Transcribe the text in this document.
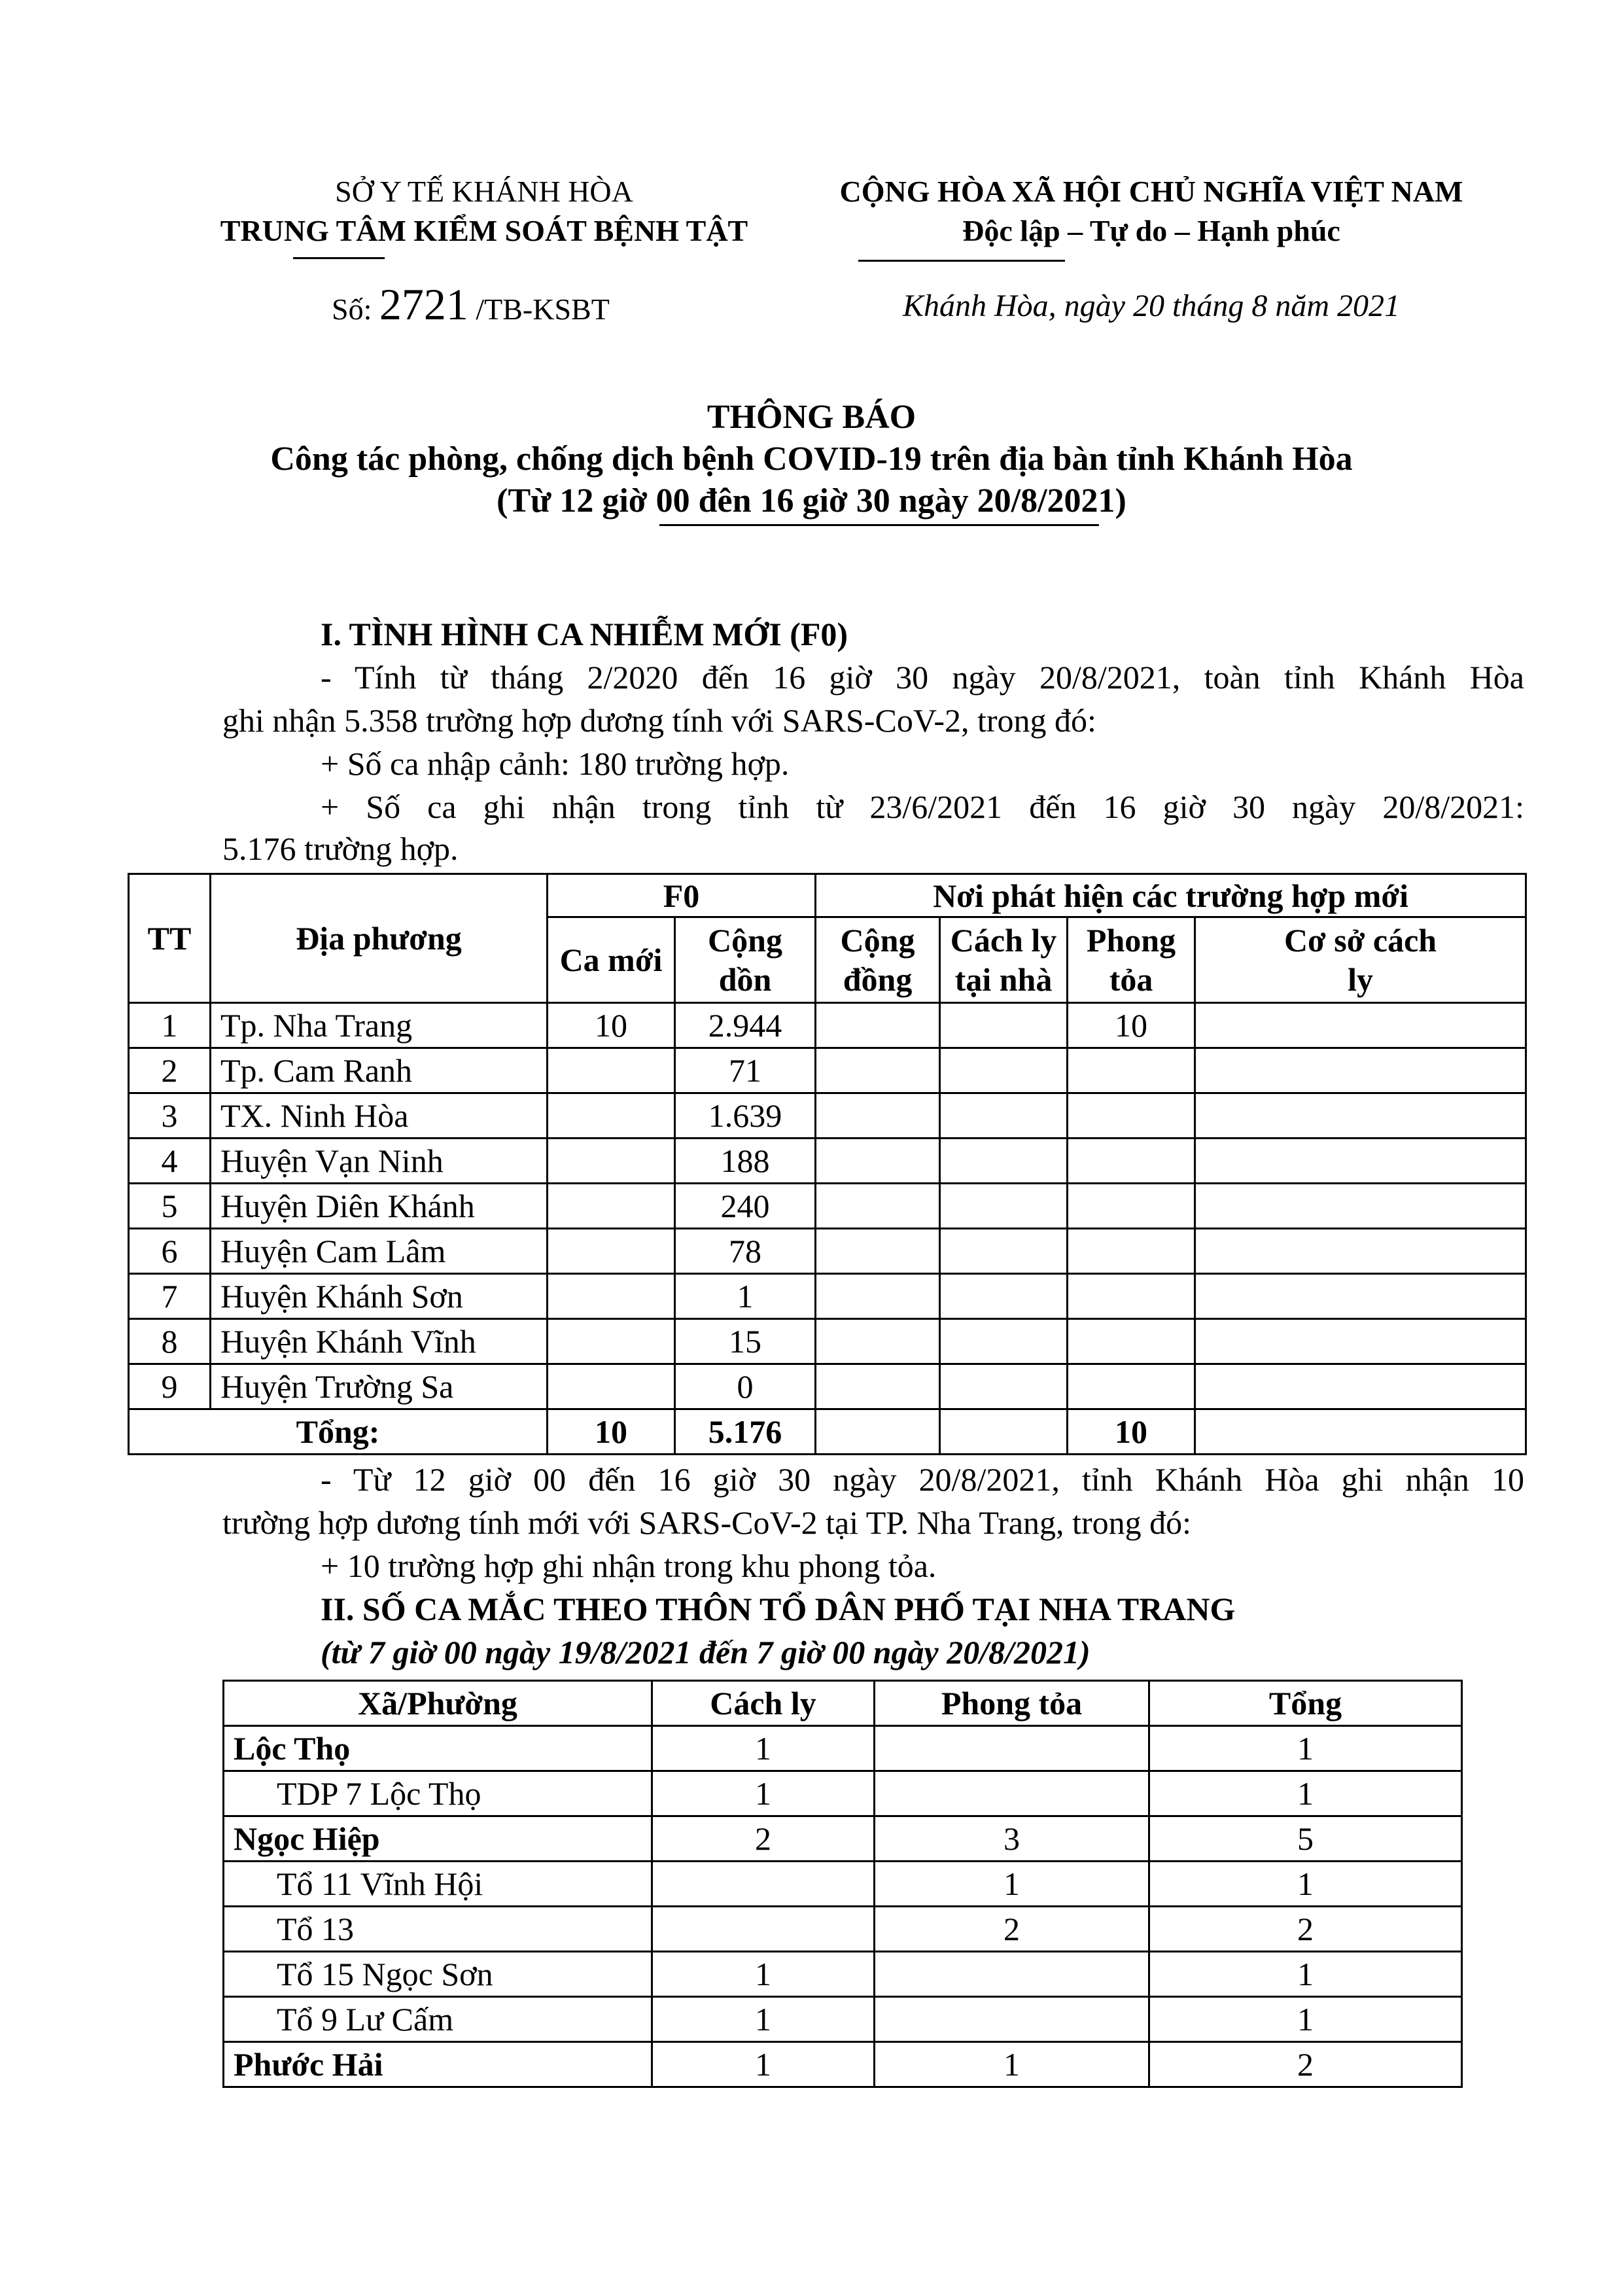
SỞ Y TẾ KHÁNH HÒA
TRUNG TÂM KIỂM SOÁT BỆNH TẬT
Số: 2721 /TB-KSBT
CỘNG HÒA XÃ HỘI CHỦ NGHĨA VIỆT NAM
Độc lập – Tự do – Hạnh phúc
Khánh Hòa, ngày 20 tháng 8 năm 2021
THÔNG BÁO
Công tác phòng, chống dịch bệnh COVID-19 trên địa bàn tỉnh Khánh Hòa
(Từ 12 giờ 00 đên 16 giờ 30 ngày 20/8/2021)
I. TÌNH HÌNH CA NHIỄM MỚI (F0)
- Tính từ tháng 2/2020 đến 16 giờ 30 ngày 20/8/2021, toàn tỉnh Khánh Hòa
ghi nhận 5.358 trường hợp dương tính với SARS-CoV-2, trong đó:
+ Số ca nhập cảnh: 180 trường hợp.
+ Số ca ghi nhận trong tỉnh từ 23/6/2021 đến 16 giờ 30 ngày 20/8/2021:
5.176 trường hợp.
TT	Địa phương	F0		Nơi phát hiện các trường hợp mới			
		Ca mới	Cộng dồn	Cộng đồng	Cách ly tại nhà	Phong tỏa	Cơ sở cách ly
1	Tp. Nha Trang	10	2.944			10	
2	Tp. Cam Ranh		71				
3	TX. Ninh Hòa		1.639				
4	Huyện Vạn Ninh		188				
5	Huyện Diên Khánh		240				
6	Huyện Cam Lâm		78				
7	Huyện Khánh Sơn		1				
8	Huyện Khánh Vĩnh		15				
9	Huyện Trường Sa		0				
Tổng:		10	5.176			10	
- Từ 12 giờ 00 đến 16 giờ 30 ngày 20/8/2021, tỉnh Khánh Hòa ghi nhận 10
trường hợp dương tính mới với SARS-CoV-2 tại TP. Nha Trang, trong đó:
+ 10 trường hợp ghi nhận trong khu phong tỏa.
II. SỐ CA MẮC THEO THÔN TỔ DÂN PHỐ TẠI NHA TRANG
(từ 7 giờ 00 ngày 19/8/2021 đến 7 giờ 00 ngày 20/8/2021)
Xã/Phường	Cách ly	Phong tỏa	Tổng
Lộc Thọ	1		1
TDP 7 Lộc Thọ	1		1
Ngọc Hiệp	2	3	5
Tổ 11 Vĩnh Hội		1	1
Tổ 13		2	2
Tổ 15 Ngọc Sơn	1		1
Tổ 9 Lư Cấm	1		1
Phước Hải	1	1	2
